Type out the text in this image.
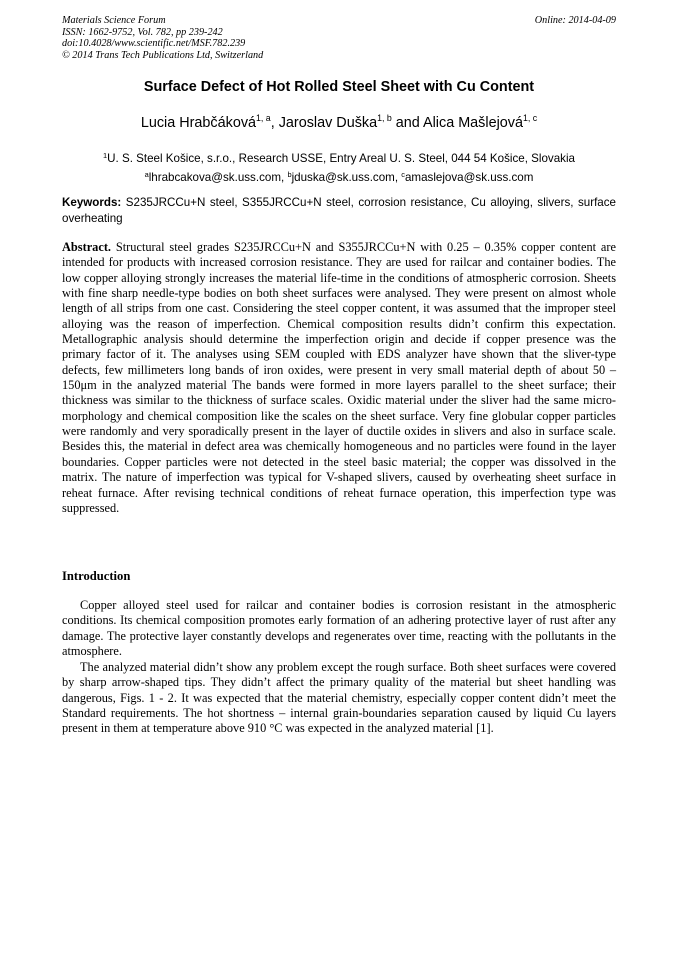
Materials Science Forum
ISSN: 1662-9752, Vol. 782, pp 239-242
doi:10.4028/www.scientific.net/MSF.782.239
© 2014 Trans Tech Publications Ltd, Switzerland
Online: 2014-04-09
Surface Defect of Hot Rolled Steel Sheet with Cu Content
Lucia Hrabčáková$^{1, a}$, Jaroslav Duška$^{1, b}$ and Alica Mašlejová$^{1, c}$
$^1$U. S. Steel Košice, s.r.o., Research USSE, Entry Areal U. S. Steel, 044 54 Košice, Slovakia
$^a$lhrabcakova@sk.uss.com, $^b$jduska@sk.uss.com, $^c$amaslejova@sk.uss.com
Keywords: S235JRCCu+N steel, S355JRCCu+N steel, corrosion resistance, Cu alloying, slivers, surface overheating
Abstract. Structural steel grades S235JRCCu+N and S355JRCCu+N with 0.25 – 0.35% copper content are intended for products with increased corrosion resistance. They are used for railcar and container bodies. The low copper alloying strongly increases the material life-time in the conditions of atmospheric corrosion. Sheets with fine sharp needle-type bodies on both sheet surfaces were analysed. They were present on almost whole length of all strips from one cast. Considering the steel copper content, it was assumed that the improper steel alloying was the reason of imperfection. Chemical composition results didn’t confirm this expectation. Metallographic analysis should determine the imperfection origin and decide if copper presence was the primary factor of it. The analyses using SEM coupled with EDS analyzer have shown that the sliver-type defects, few millimeters long bands of iron oxides, were present in very small material depth of about 50 – 150μm in the analyzed material The bands were formed in more layers parallel to the sheet surface; their thickness was similar to the thickness of surface scales. Oxidic material under the sliver had the same micro-morphology and chemical composition like the scales on the sheet surface. Very fine globular copper particles were randomly and very sporadically present in the layer of ductile oxides in slivers and also in surface scale. Besides this, the material in defect area was chemically homogeneous and no particles were found in the layer boundaries. Copper particles were not detected in the steel basic material; the copper was dissolved in the matrix. The nature of imperfection was typical for V-shaped slivers, caused by overheating sheet surface in reheat furnace. After revising technical conditions of reheat furnace operation, this imperfection type was suppressed.
Introduction
Copper alloyed steel used for railcar and container bodies is corrosion resistant in the atmospheric conditions. Its chemical composition promotes early formation of an adhering protective layer of rust after any damage. The protective layer constantly develops and regenerates over time, reacting with the pollutants in the atmosphere.
The analyzed material didn’t show any problem except the rough surface. Both sheet surfaces were covered by sharp arrow-shaped tips. They didn’t affect the primary quality of the material but sheet handling was dangerous, Figs. 1 - 2. It was expected that the material chemistry, especially copper content didn’t meet the Standard requirements. The hot shortness – internal grain-boundaries separation caused by liquid Cu layers present in them at temperature above 910 °C was expected in the analyzed material [1].
